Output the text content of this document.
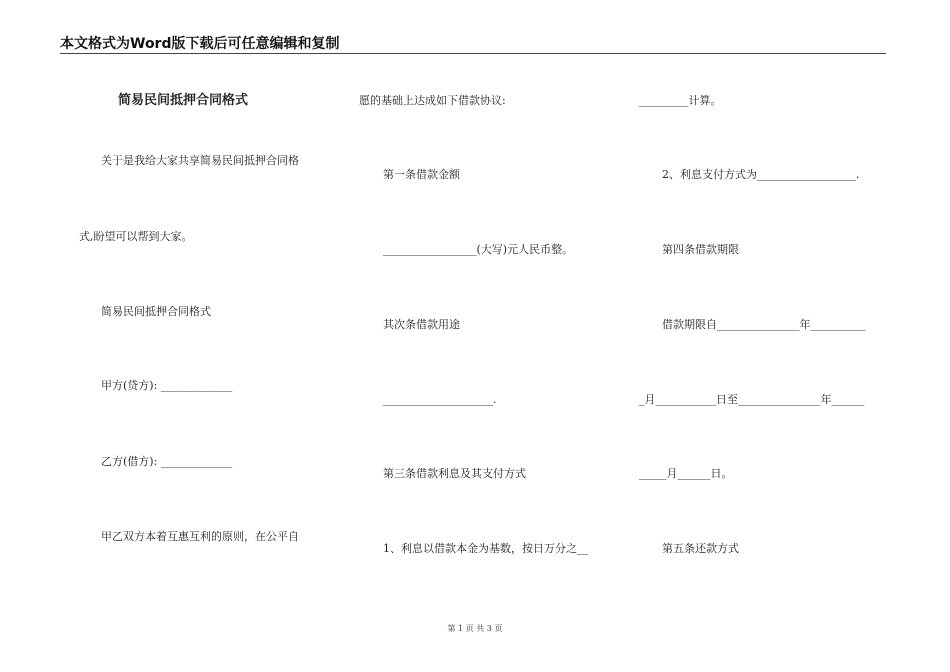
本文格式为Word版下载后可任意编辑和复制
简易民间抵押合同格式
关于是我给大家共享简易民间抵押合同格
式,盼望可以帮到大家。
简易民间抵押合同格式
甲方(贷方): _____________
乙方(借方): _____________
甲乙双方本着互惠互利的原则，在公平自
愿的基础上达成如下借款协议:
第一条借款金额
_________________(大写)元人民币整。
其次条借款用途
____________________.
第三条借款利息及其支付方式
1、利息以借款本金为基数，按日万分之__
_________计算。
2、利息支付方式为__________________.
第四条借款期限
借款期限自_______________年__________
_月___________日至_______________年______
_____月______日。
第五条还款方式
第 1 页 共 3 页
